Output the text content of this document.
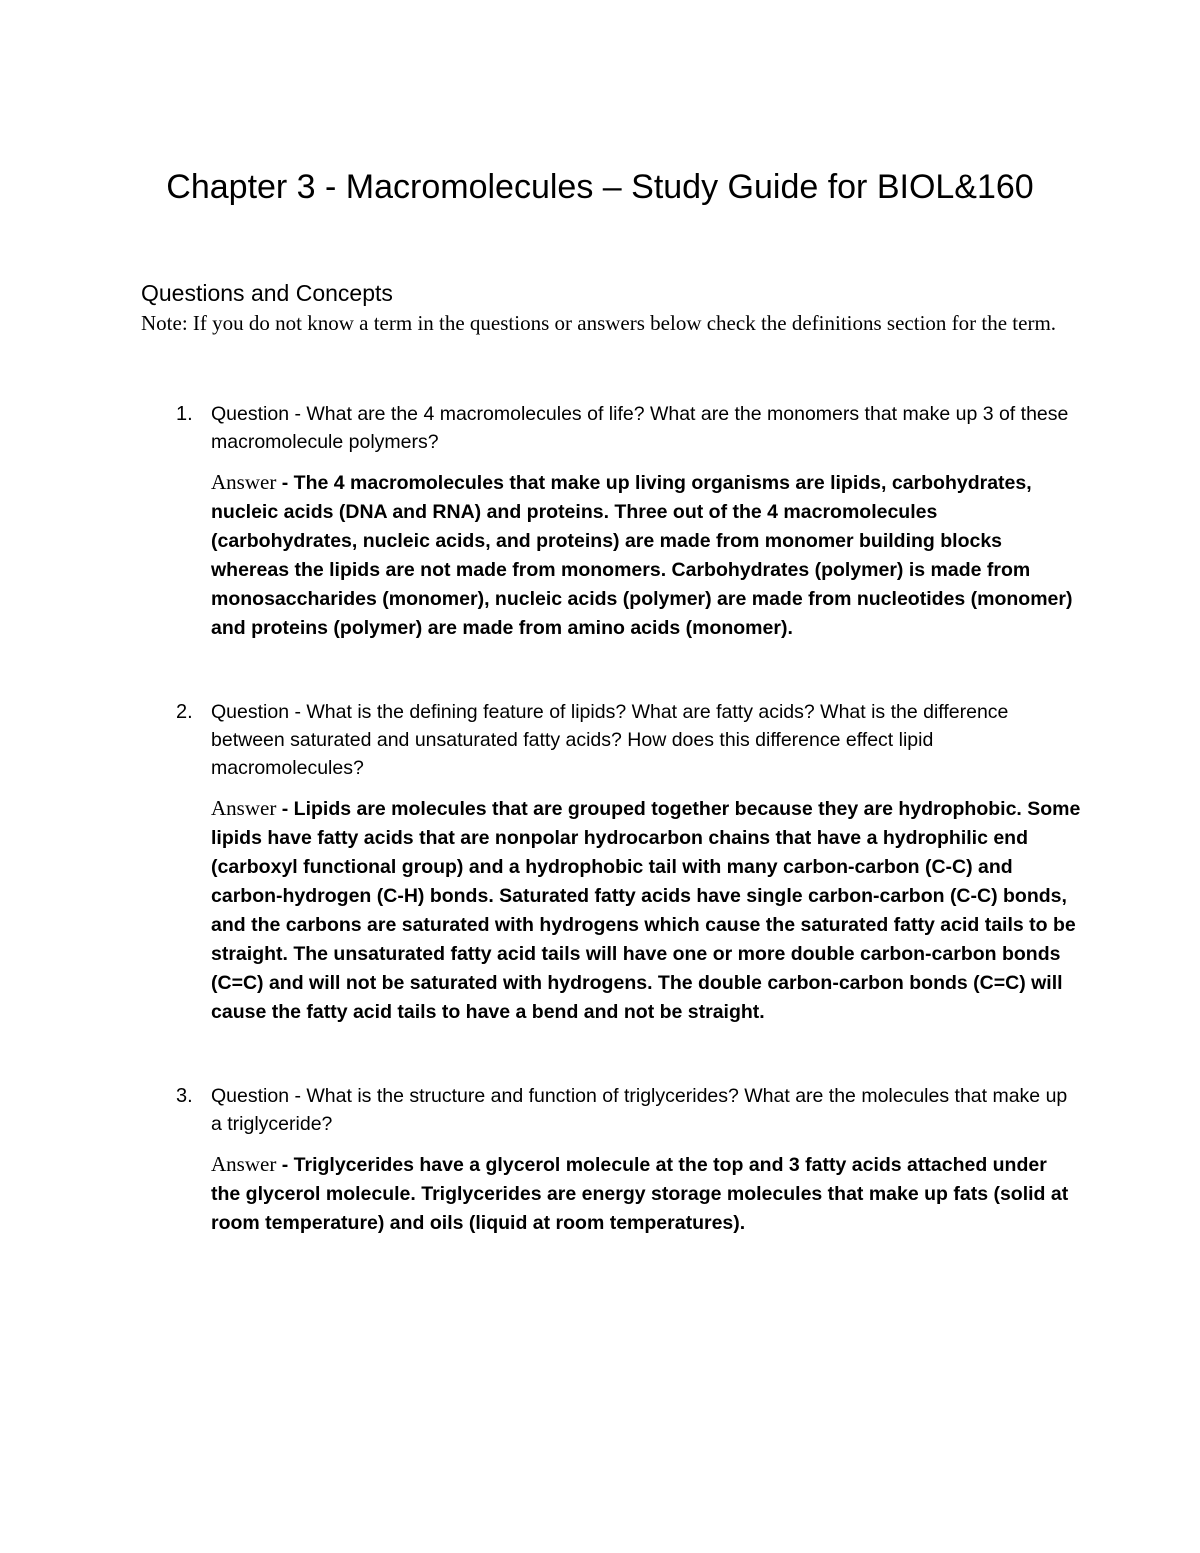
Chapter 3 - Macromolecules – Study Guide for BIOL&160
Questions and Concepts

Note: If you do not know a term in the questions or answers below check the definitions section for the term.

1. Question - What are the 4 macromolecules of life? What are the monomers that make up 3 of these macromolecule polymers?

Answer - The 4 macromolecules that make up living organisms are lipids, carbohydrates, nucleic acids (DNA and RNA) and proteins. Three out of the 4 macromolecules (carbohydrates, nucleic acids, and proteins) are made from monomer building blocks whereas the lipids are not made from monomers. Carbohydrates (polymer) is made from monosaccharides (monomer), nucleic acids (polymer) are made from nucleotides (monomer) and proteins (polymer) are made from amino acids (monomer).

2. Question - What is the defining feature of lipids? What are fatty acids? What is the difference between saturated and unsaturated fatty acids? How does this difference effect lipid macromolecules?

Answer - Lipids are molecules that are grouped together because they are hydrophobic. Some lipids have fatty acids that are nonpolar hydrocarbon chains that have a hydrophilic end (carboxyl functional group) and a hydrophobic tail with many carbon-carbon (C-C) and carbon-hydrogen (C-H) bonds. Saturated fatty acids have single carbon-carbon (C-C) bonds, and the carbons are saturated with hydrogens which cause the saturated fatty acid tails to be straight. The unsaturated fatty acid tails will have one or more double carbon-carbon bonds (C=C) and will not be saturated with hydrogens. The double carbon-carbon bonds (C=C) will cause the fatty acid tails to have a bend and not be straight.

3. Question - What is the structure and function of triglycerides? What are the molecules that make up a triglyceride?

Answer - Triglycerides have a glycerol molecule at the top and 3 fatty acids attached under the glycerol molecule. Triglycerides are energy storage molecules that make up fats (solid at room temperature) and oils (liquid at room temperatures).
